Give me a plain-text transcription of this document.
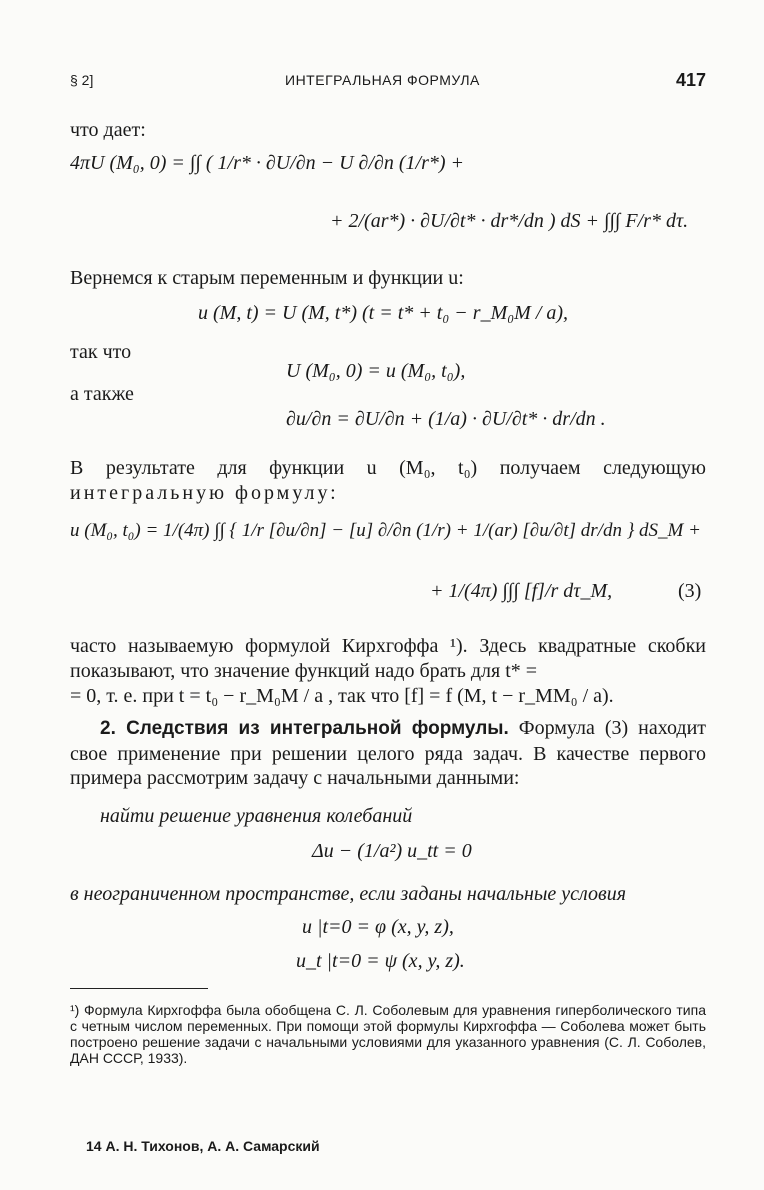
§ 2]	ИНТЕГРАЛЬНАЯ ФОРМУЛА	417
что дает:
4πU (M₀, 0) = ∫∫ ( 1/r* · ∂U/∂n − U ∂/∂n (1/r*) +
+ 2/(ar*) · ∂U/∂t* · dr*/dn ) dS + ∫∫∫ F/r* dτ.
Вернемся к старым переменным и функции u:
u (M, t) = U (M, t*) (t = t* + t₀ − r_M₀M / a),
так что
U (M₀, 0) = u (M₀, t₀),
а также
∂u/∂n = ∂U/∂n + (1/a) · ∂U/∂t* · dr/dn .
В результате для функции u (M₀, t₀) получаем следующую интегральную формулу:
u (M₀, t₀) = 1/(4π) ∫∫ { 1/r [∂u/∂n] − [u] ∂/∂n (1/r) + 1/(ar) [∂u/∂t] dr/dn } dS_M +
+ 1/(4π) ∫∫∫ [f]/r dτ_M,	(3)
часто называемую формулой Кирхгоффа ¹). Здесь квадратные скобки показывают, что значение функций надо брать для t* =
= 0, т. е. при t = t₀ − r_M₀M / a , так что [f] = f (M, t − r_MM₀ / a).
2. Следствия из интегральной формулы. Формула (3) находит свое применение при решении целого ряда задач. В качестве первого примера рассмотрим задачу с начальными данными:
найти решение уравнения колебаний
Δu − (1/a²) u_tt = 0
в неограниченном пространстве, если заданы начальные условия
u |t=0 = φ (x, y, z),
u_t |t=0 = ψ (x, y, z).
¹) Формула Кирхгоффа была обобщена С. Л. Соболевым для уравнения гиперболического типа с четным числом переменных. При помощи этой формулы Кирхгоффа — Соболева может быть построено решение задачи с начальными условиями для указанного уравнения (С. Л. Соболев, ДАН СССР, 1933).
14 А. Н. Тихонов, А. А. Самарский
